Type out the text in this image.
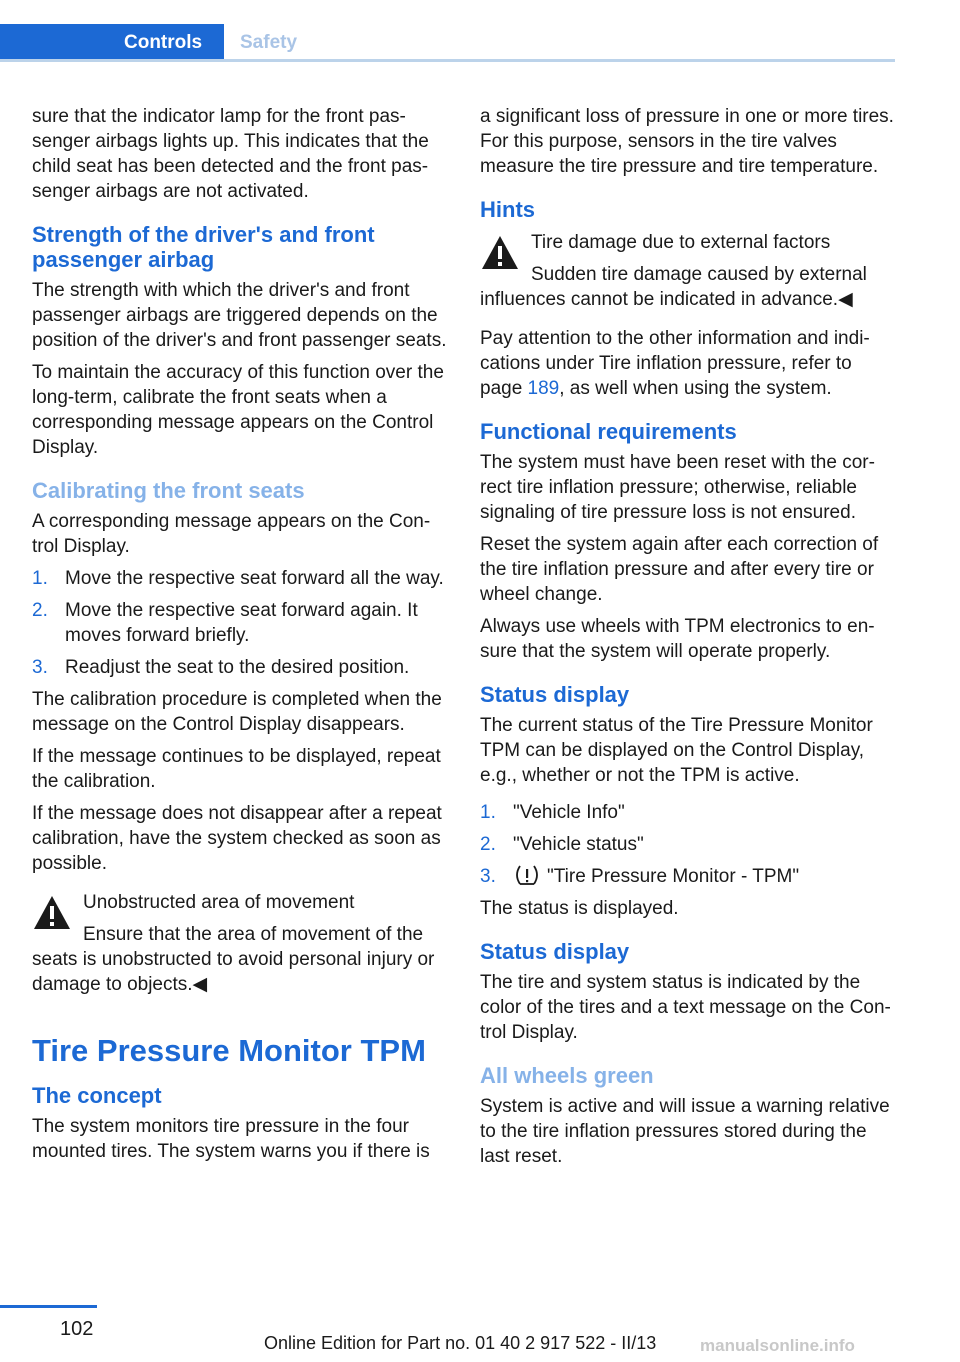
Controls	Safety

sure that the indicator lamp for the front passenger airbags lights up. This indicates that the child seat has been detected and the front passenger airbags are not activated.

Strength of the driver's and front passenger airbag

The strength with which the driver's and front passenger airbags are triggered depends on the position of the driver's and front passenger seats.

To maintain the accuracy of this function over the long-term, calibrate the front seats when a corresponding message appears on the Control Display.

Calibrating the front seats

A corresponding message appears on the Control Display.

1. Move the respective seat forward all the way.
2. Move the respective seat forward again. It moves forward briefly.
3. Readjust the seat to the desired position.

The calibration procedure is completed when the message on the Control Display disappears.

If the message continues to be displayed, repeat the calibration.

If the message does not disappear after a repeat calibration, have the system checked as soon as possible.

Unobstructed area of movement
Ensure that the area of movement of the seats is unobstructed to avoid personal injury or damage to objects.◀
Tire Pressure Monitor TPM
The concept

The system monitors tire pressure in the four mounted tires. The system warns you if there is

a significant loss of pressure in one or more tires. For this purpose, sensors in the tire valves measure the tire pressure and tire temperature.

Hints
Tire damage due to external factors
Sudden tire damage caused by external influences cannot be indicated in advance.◀

Pay attention to the other information and indications under Tire inflation pressure, refer to page 189, as well when using the system.

Functional requirements

The system must have been reset with the correct tire inflation pressure; otherwise, reliable signaling of tire pressure loss is not ensured.

Reset the system again after each correction of the tire inflation pressure and after every tire or wheel change.

Always use wheels with TPM electronics to ensure that the system will operate properly.

Status display

The current status of the Tire Pressure Monitor TPM can be displayed on the Control Display, e.g., whether or not the TPM is active.

1. "Vehicle Info"
2. "Vehicle status"
3.	"Tire Pressure Monitor - TPM"

The status is displayed.

Status display

The tire and system status is indicated by the color of the tires and a text message on the Control Display.

All wheels green

System is active and will issue a warning relative to the tire inflation pressures stored during the last reset.

102
Online Edition for Part no. 01 40 2 917 522 - II/13	manualsonline.info
